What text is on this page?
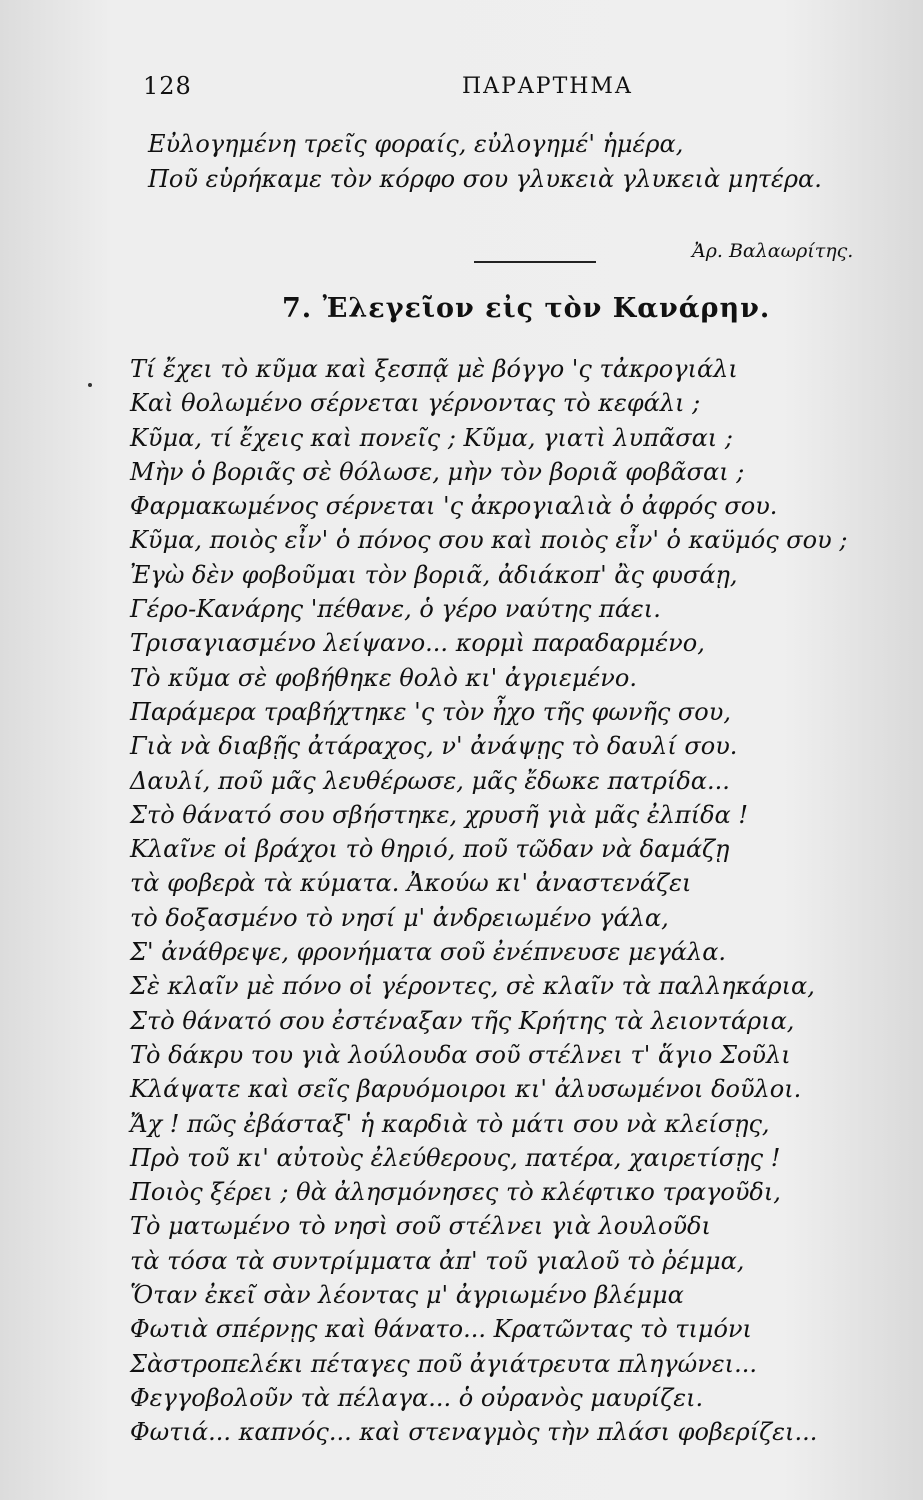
128	ΠΑΡΑΡΤΗΜΑ
Εὐλογημένη τρεῖς φοραίς, εὐλογημέ' ἡμέρα,
Ποῦ εὑρήκαμε τὸν κόρφο σου γλυκειὰ γλυκειὰ μητέρα.
Ἀρ. Βαλαωρίτης.
7. Ἐλεγεῖον εἰς τὸν Κανάρην.
Τί ἔχει τὸ κῦμα καὶ ξεσπᾷ μὲ βόγγο 'ς τἀκρογιάλι
Καὶ θολωμένο σέρνεται γέρνοντας τὸ κεφάλι ;
Κῦμα, τί ἔχεις καὶ πονεῖς ; Κῦμα, γιατὶ λυπᾶσαι ;
Μὴν ὁ βοριᾶς σὲ θόλωσε, μὴν τὸν βοριᾶ φοβᾶσαι ;
Φαρμακωμένος σέρνεται 'ς ἀκρογιαλιὰ ὁ ἀφρός σου.
Κῦμα, ποιὸς εἶν' ὁ πόνος σου καὶ ποιὸς εἶν' ὁ καϋμός σου ;
Ἐγὼ δὲν φοβοῦμαι τὸν βοριᾶ, ἀδιάκοπ' ἂς φυσάῃ,
Γέρο-Κανάρης 'πέθανε, ὁ γέρο ναύτης πάει.
Τρισαγιασμένο λείψανο... κορμὶ παραδαρμένο,
Τὸ κῦμα σὲ φοβήθηκε θολὸ κι' ἀγριεμένο.
Παράμερα τραβήχτηκε 'ς τὸν ἦχο τῆς φωνῆς σου,
Γιὰ νὰ διαβῇς ἀτάραχος, ν' ἀνάψῃς τὸ δαυλί σου.
Δαυλί, ποῦ μᾶς λευθέρωσε, μᾶς ἔδωκε πατρίδα...
Στὸ θάνατό σου σβήστηκε, χρυσῆ γιὰ μᾶς ἐλπίδα !
Κλαῖνε οἱ βράχοι τὸ θηριό, ποῦ τῶδαν νὰ δαμάζῃ
τὰ φοβερὰ τὰ κύματα. Ἀκούω κι' ἀναστενάζει
τὸ δοξασμένο τὸ νησί μ' ἀνδρειωμένο γάλα,
Σ' ἀνάθρεψε, φρονήματα σοῦ ἐνέπνευσε μεγάλα.
Σὲ κλαῖν μὲ πόνο οἱ γέροντες, σὲ κλαῖν τὰ παλληκάρια,
Στὸ θάνατό σου ἐστέναξαν τῆς Κρήτης τὰ λειοντάρια,
Τὸ δάκρυ του γιὰ λούλουδα σοῦ στέλνει τ' ἅγιο Σοῦλι
Κλάψατε καὶ σεῖς βαρυόμοιροι κι' ἀλυσωμένοι δοῦλοι.
Ἄχ ! πῶς ἐβάσταξ' ἡ καρδιὰ τὸ μάτι σου νὰ κλείσῃς,
Πρὸ τοῦ κι' αὐτοὺς ἐλεύθερους, πατέρα, χαιρετίσῃς !
Ποιὸς ξέρει ; θὰ ἀλησμόνησες τὸ κλέφτικο τραγοῦδι,
Τὸ ματωμένο τὸ νησὶ σοῦ στέλνει γιὰ λουλοῦδι
τὰ τόσα τὰ συντρίμματα ἀπ' τοῦ γιαλοῦ τὸ ῥέμμα,
Ὅταν ἐκεῖ σὰν λέοντας μ' ἀγριωμένο βλέμμα
Φωτιὰ σπέρνῃς καὶ θάνατο... Κρατῶντας τὸ τιμόνι
Σὰστροπελέκι πέταγες ποῦ ἀγιάτρευτα πληγώνει...
Φεγγοβολοῦν τὰ πέλαγα... ὁ οὐρανὸς μαυρίζει.
Φωτιά... καπνός... καὶ στεναγμὸς τὴν πλάσι φοβερίζει...
